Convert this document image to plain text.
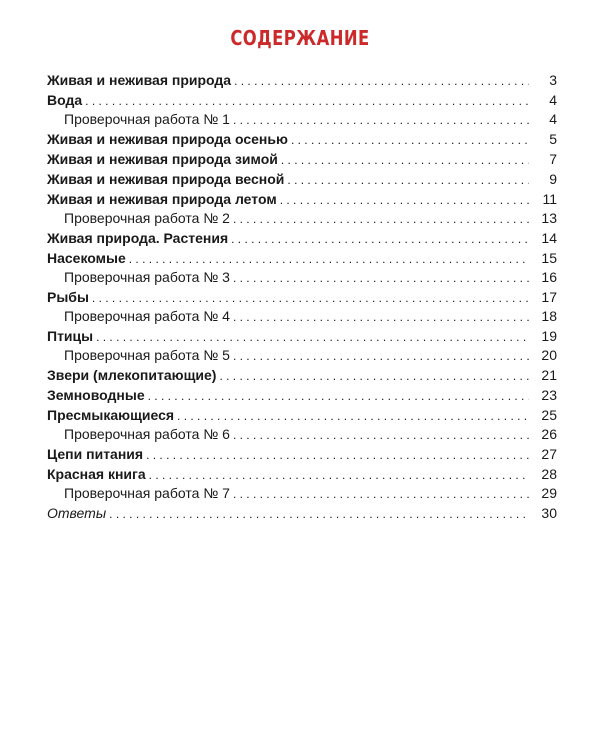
СОДЕРЖАНИЕ
Живая и неживая природа . . .	3
Вода . . .	4
Проверочная работа № 1 . . .	4
Живая и неживая природа осенью . . .	5
Живая и неживая природа зимой . . .	7
Живая и неживая природа весной . . .	9
Живая и неживая природа летом . . .	11
Проверочная работа № 2 . . .	13
Живая природа. Растения . . .	14
Насекомые . . .	15
Проверочная работа № 3 . . .	16
Рыбы . . .	17
Проверочная работа № 4 . . .	18
Птицы . . .	19
Проверочная работа № 5 . . .	20
Звери (млекопитающие) . . .	21
Земноводные . . .	23
Пресмыкающиеся . . .	25
Проверочная работа № 6 . . .	26
Цепи питания . . .	27
Красная книга . . .	28
Проверочная работа № 7 . . .	29
Ответы . . .	30
